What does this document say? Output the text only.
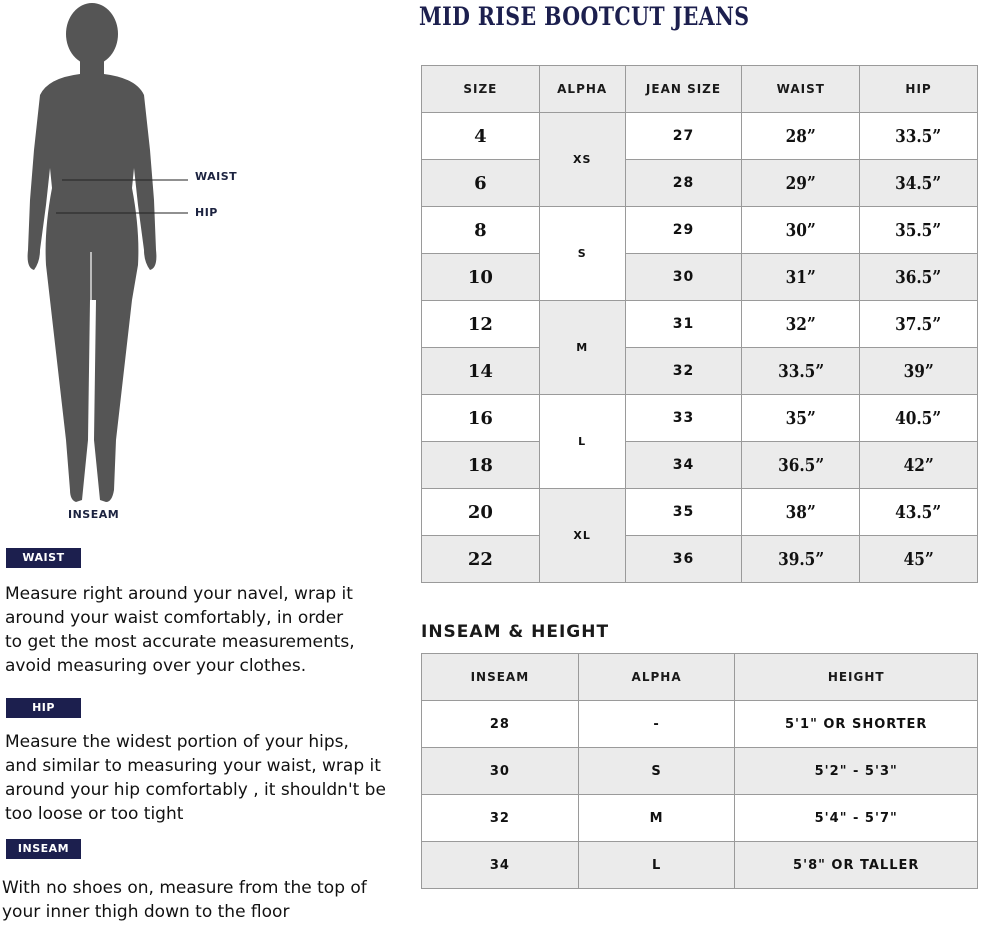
WAIST
HIP
INSEAM
WAIST
Measure right around your navel, wrap it
around your waist comfortably, in order
to get the most accurate measurements,
avoid measuring over your clothes.
HIP
Measure the widest portion of your hips,
and similar to measuring your waist, wrap it
around your hip comfortably , it shouldn't be
too loose or too tight
INSEAM
With no shoes on, measure from the top of
your inner thigh down to the floor
MID RISE BOOTCUT JEANS
SIZE	ALPHA	JEAN SIZE	WAIST	HIP
4	XS	27	28”	33.5”
6		28	29”	34.5”
8	S	29	30”	35.5”
10		30	31”	36.5”
12	M	31	32”	37.5”
14		32	33.5”	39”
16	L	33	35”	40.5”
18		34	36.5”	42”
20	XL	35	38”	43.5”
22		36	39.5”	45”
INSEAM & HEIGHT
INSEAM	ALPHA	HEIGHT
28	-	5'1" OR SHORTER
30	S	5'2" - 5'3"
32	M	5'4" - 5'7"
34	L	5'8" OR TALLER
